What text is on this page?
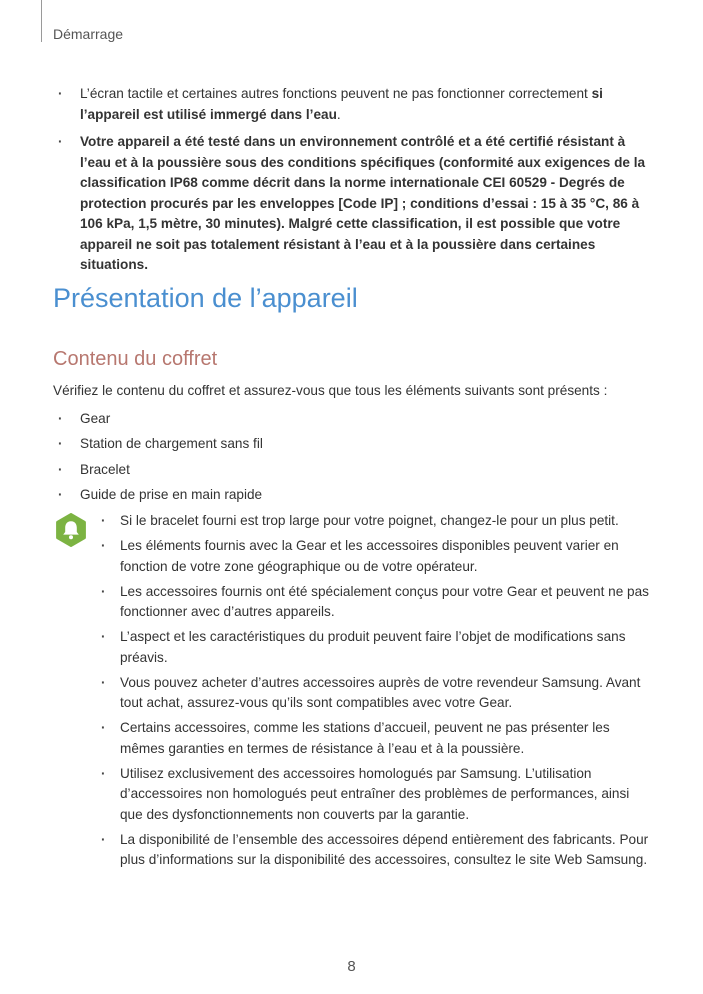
Démarrage
· L’écran tactile et certaines autres fonctions peuvent ne pas fonctionner correctement si l’appareil est utilisé immergé dans l’eau.
· Votre appareil a été testé dans un environnement contrôlé et a été certifié résistant à l’eau et à la poussière sous des conditions spécifiques (conformité aux exigences de la classification IP68 comme décrit dans la norme internationale CEI 60529 - Degrés de protection procurés par les enveloppes [Code IP] ; conditions d’essai : 15 à 35 °C, 86 à 106 kPa, 1,5 mètre, 30 minutes). Malgré cette classification, il est possible que votre appareil ne soit pas totalement résistant à l’eau et à la poussière dans certaines situations.
Présentation de l’appareil
Contenu du coffret

Vérifiez le contenu du coffret et assurez-vous que tous les éléments suivants sont présents :

· Gear
· Station de chargement sans fil
· Bracelet
· Guide de prise en main rapide
· Si le bracelet fourni est trop large pour votre poignet, changez-le pour un plus petit.
· Les éléments fournis avec la Gear et les accessoires disponibles peuvent varier en fonction de votre zone géographique ou de votre opérateur.
· Les accessoires fournis ont été spécialement conçus pour votre Gear et peuvent ne pas fonctionner avec d’autres appareils.
· L’aspect et les caractéristiques du produit peuvent faire l’objet de modifications sans préavis.
· Vous pouvez acheter d’autres accessoires auprès de votre revendeur Samsung. Avant tout achat, assurez-vous qu’ils sont compatibles avec votre Gear.
· Certains accessoires, comme les stations d’accueil, peuvent ne pas présenter les mêmes garanties en termes de résistance à l’eau et à la poussière.
· Utilisez exclusivement des accessoires homologués par Samsung. L’utilisation d’accessoires non homologués peut entraîner des problèmes de performances, ainsi que des dysfonctionnements non couverts par la garantie.
· La disponibilité de l’ensemble des accessoires dépend entièrement des fabricants. Pour plus d’informations sur la disponibilité des accessoires, consultez le site Web Samsung.
8
